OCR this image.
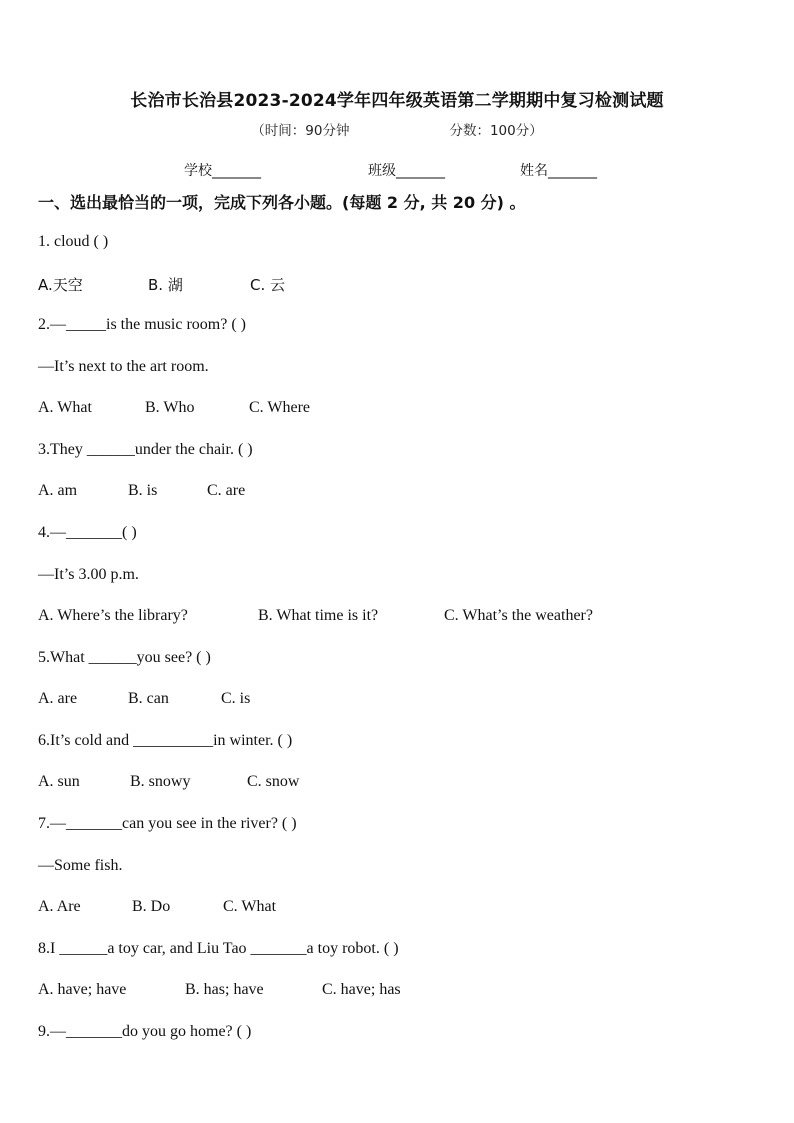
长治市长治县2023-2024学年四年级英语第二学期期中复习检测试题
（时间：90分钟	分数：100分）
学校_______	班级_______	姓名_______
一、选出最恰当的一项，完成下列各小题。(每题 2 分, 共 20 分) 。
1. cloud ( )
A.天空	B. 湖	C. 云
2.—_____is the music room? ( )
—It’s next to the art room.
A. What	B. Who	C. Where
3.They ______under the chair. ( )
A. am	B. is	C. are
4.—_______( )
—It’s 3.00 p.m.
A. Where’s the library?	B. What time is it?	C. What’s the weather?
5.What ______you see? ( )
A. are	B. can	C. is
6.It’s cold and __________in winter. ( )
A. sun	B. snowy	C. snow
7.—_______can you see in the river? ( )
—Some fish.
A. Are	B. Do	C. What
8.I ______a toy car, and Liu Tao _______a toy robot. ( )
A. have; have	B. has; have	C. have; has
9.—_______do you go home? ( )
